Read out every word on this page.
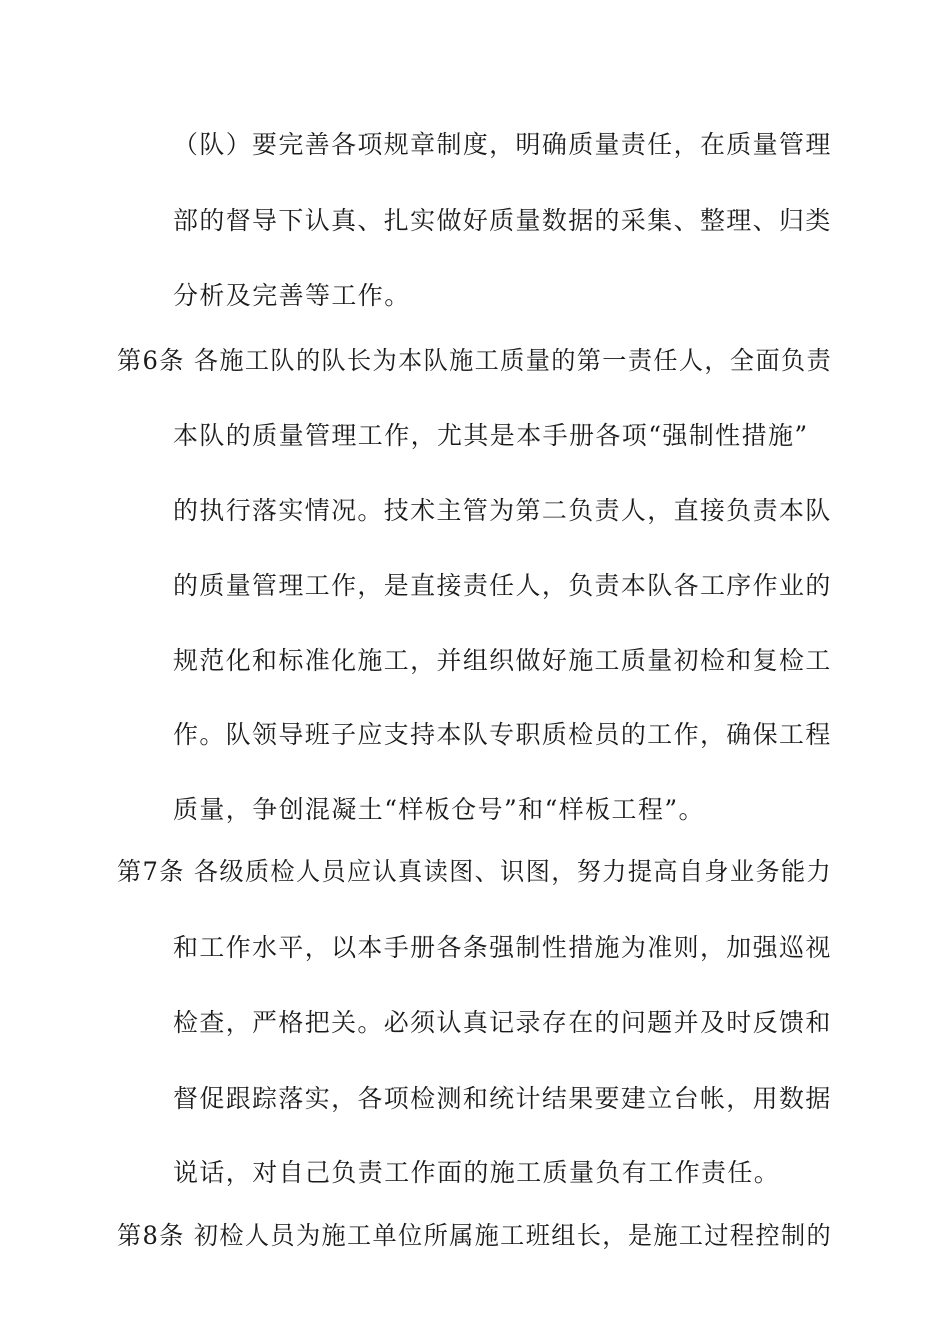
（队）要完善各项规章制度，明确质量责任，在质量管理
部的督导下认真、扎实做好质量数据的采集、整理、归类
分析及完善等工作。
第6条 各施工队的队长为本队施工质量的第一责任人，全面负责
本队的质量管理工作，尤其是本手册各项“强制性措施”
的执行落实情况。技术主管为第二负责人，直接负责本队
的质量管理工作，是直接责任人，负责本队各工序作业的
规范化和标准化施工，并组织做好施工质量初检和复检工
作。队领导班子应支持本队专职质检员的工作，确保工程
质量，争创混凝土“样板仓号”和“样板工程”。
第7条 各级质检人员应认真读图、识图，努力提高自身业务能力
和工作水平，以本手册各条强制性措施为准则，加强巡视
检查，严格把关。必须认真记录存在的问题并及时反馈和
督促跟踪落实，各项检测和统计结果要建立台帐，用数据
说话，对自己负责工作面的施工质量负有工作责任。
第8条 初检人员为施工单位所属施工班组长，是施工过程控制的
